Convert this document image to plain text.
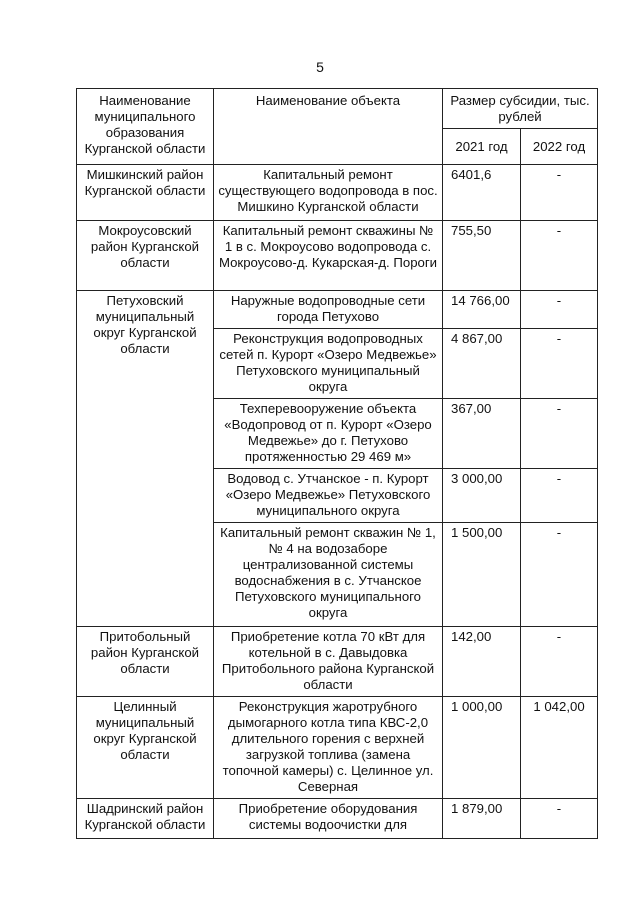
5
Наименование муниципального образования Курганской области	Наименование объекта	Размер субсидии, тыс. рублей	
		2021 год	2022 год
Мишкинский район Курганской области	Капитальный ремонт существующего водопровода в пос. Мишкино Курганской области	6401,6	-
Мокроусовский район Курганской области	Капитальный ремонт скважины № 1 в с. Мокроусово водопровода с. Мокроусово-д. Кукарская-д. Пороги	755,50	-
Петуховский муниципальный округ Курганской области	Наружные водопроводные сети города Петухово	14 766,00	-
	Реконструкция водопроводных сетей п. Курорт «Озеро Медвежье» Петуховского муниципальный округа	4 867,00	-
	Техперевооружение объекта «Водопровод от п. Курорт «Озеро Медвежье» до г. Петухово протяженностью 29 469 м»	367,00	-
	Водовод с. Утчанское - п. Курорт «Озеро Медвежье» Петуховского муниципального округа	3 000,00	-
	Капитальный ремонт скважин № 1, № 4 на водозаборе централизованной системы водоснабжения в с. Утчанское Петуховского муниципального округа	1 500,00	-
Притобольный район Курганской области	Приобретение котла 70 кВт для котельной в с. Давыдовка Притобольного района Курганской области	142,00	-
Целинный муниципальный округ Курганской области	Реконструкция жаротрубного дымогарного котла типа КВС-2,0 длительного горения с верхней загрузкой топлива (замена топочной камеры) с. Целинное ул. Северная	1 000,00	1 042,00
Шадринский район Курганской области	Приобретение оборудования системы водоочистки для	1 879,00	-
